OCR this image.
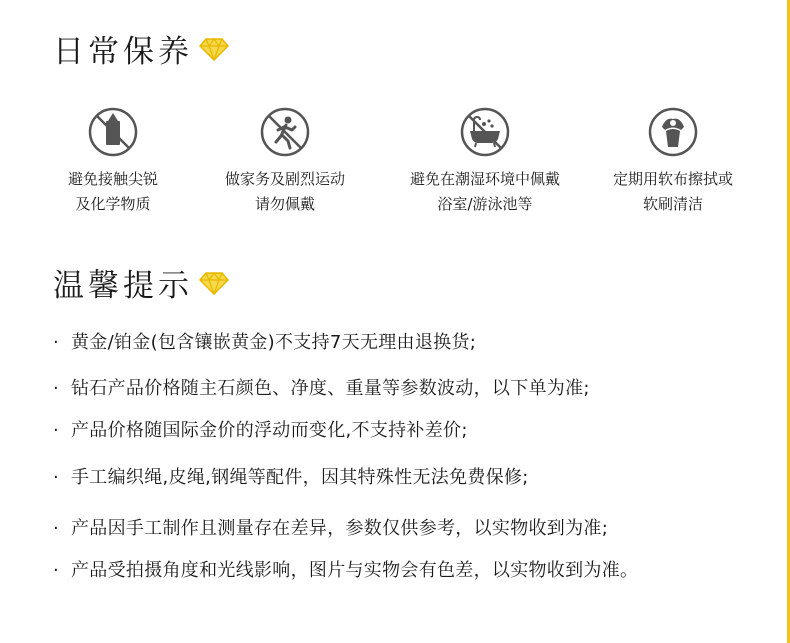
日常保养
避免接触尖锐
及化学物质
做家务及剧烈运动
请勿佩戴
避免在潮湿环境中佩戴
浴室/游泳池等
定期用软布擦拭或
软刷清洁
温馨提示
· 黄金/铂金(包含镶嵌黄金)不支持7天无理由退换货;
· 钻石产品价格随主石颜色、净度、重量等参数波动，以下单为准;
· 产品价格随国际金价的浮动而变化,不支持补差价;
· 手工编织绳,皮绳,钢绳等配件，因其特殊性无法免费保修;
· 产品因手工制作且测量存在差异，参数仅供参考，以实物收到为准;
· 产品受拍摄角度和光线影响，图片与实物会有色差，以实物收到为准。
